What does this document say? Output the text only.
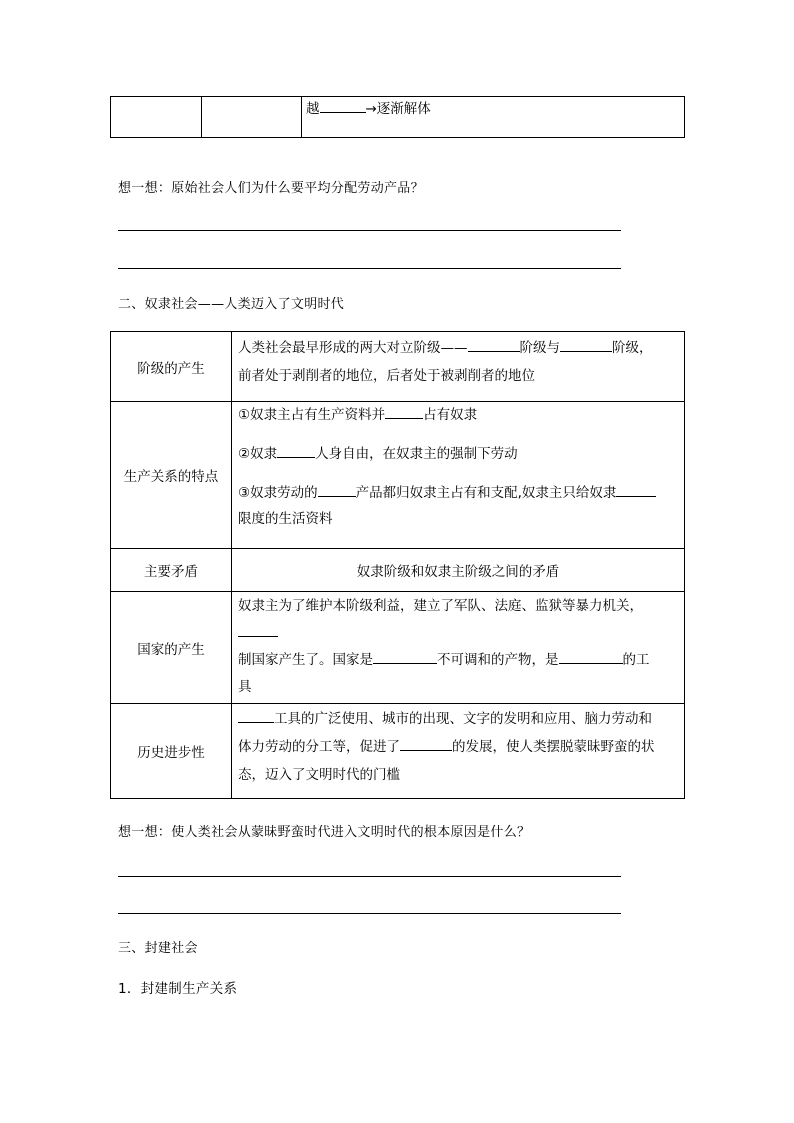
		越	→逐渐解体
想一想：原始社会人们为什么要平均分配劳动产品？
二、奴隶社会——人类迈入了文明时代
阶级的产生	人类社会最早形成的两大对立阶级—— 阶级与 阶级，
前者处于剥削者的地位，后者处于被剥削者的地位

生产关系的特点	①奴隶主占有生产资料并 占有奴隶
②奴隶 人身自由，在奴隶主的强制下劳动
③奴隶劳动的 产品都归奴隶主占有和支配,奴隶主只给奴隶
限度的生活资料

主要矛盾	奴隶阶级和奴隶主阶级之间的矛盾
国家的产生	奴隶主为了维护本阶级利益，建立了军队、法庭、监狱等暴力机关，
制国家产生了。国家是 不可调和的产物，是 的工
具

历史进步性	工具的广泛使用、城市的出现、文字的发明和应用、脑力劳动和
体力劳动的分工等，促进了 的发展，使人类摆脱蒙昧野蛮的状
态，迈入了文明时代的门槛
想一想：使人类社会从蒙昧野蛮时代进入文明时代的根本原因是什么？
三、封建社会
1．封建制生产关系
